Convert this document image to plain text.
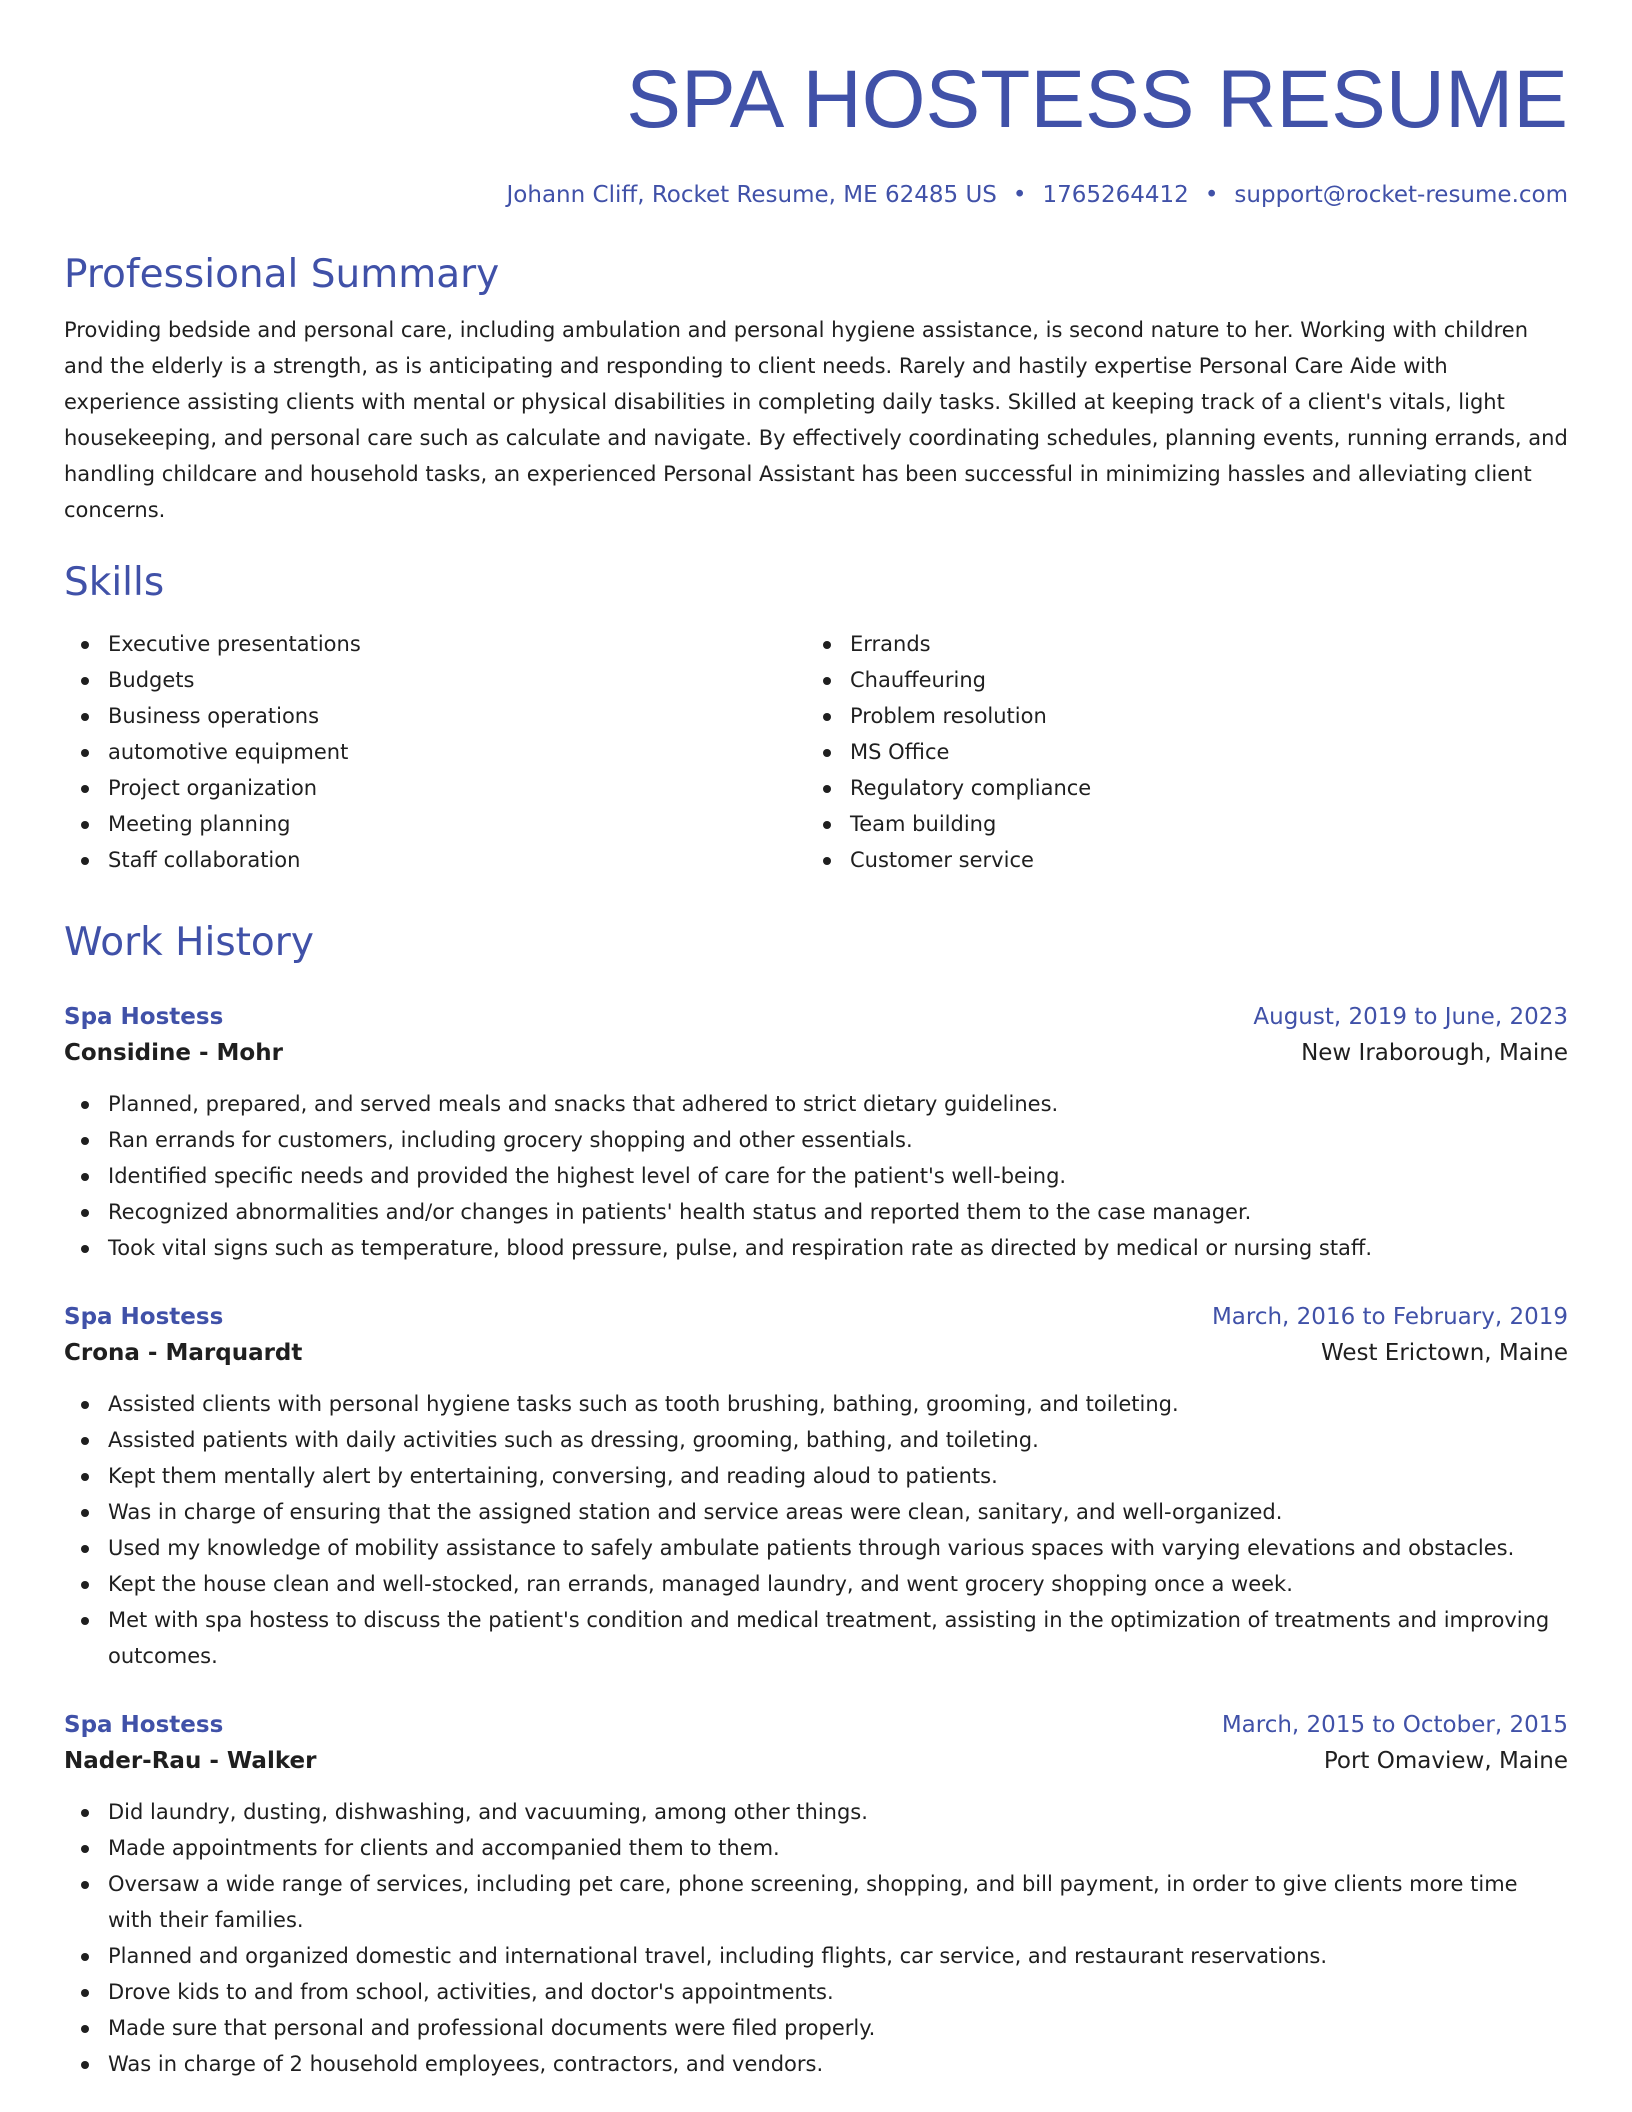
SPA HOSTESS RESUME
Johann Cliff, Rocket Resume, ME 62485 US • 1765264412 • support@rocket-resume.com
Professional Summary
Providing bedside and personal care, including ambulation and personal hygiene assistance, is second nature to her. Working with children and the elderly is a strength, as is anticipating and responding to client needs. Rarely and hastily expertise Personal Care Aide with experience assisting clients with mental or physical disabilities in completing daily tasks. Skilled at keeping track of a client's vitals, light housekeeping, and personal care such as calculate and navigate. By effectively coordinating schedules, planning events, running errands, and handling childcare and household tasks, an experienced Personal Assistant has been successful in minimizing hassles and alleviating client concerns.
Skills
Executive presentations
Budgets
Business operations
automotive equipment
Project organization
Meeting planning
Staff collaboration
Errands
Chauffeuring
Problem resolution
MS Office
Regulatory compliance
Team building
Customer service
Work History
Spa Hostess	August, 2019 to June, 2023
Considine - Mohr	New Iraborough, Maine
Planned, prepared, and served meals and snacks that adhered to strict dietary guidelines.
Ran errands for customers, including grocery shopping and other essentials.
Identified specific needs and provided the highest level of care for the patient's well-being.
Recognized abnormalities and/or changes in patients' health status and reported them to the case manager.
Took vital signs such as temperature, blood pressure, pulse, and respiration rate as directed by medical or nursing staff.
Spa Hostess	March, 2016 to February, 2019
Crona - Marquardt	West Erictown, Maine
Assisted clients with personal hygiene tasks such as tooth brushing, bathing, grooming, and toileting.
Assisted patients with daily activities such as dressing, grooming, bathing, and toileting.
Kept them mentally alert by entertaining, conversing, and reading aloud to patients.
Was in charge of ensuring that the assigned station and service areas were clean, sanitary, and well-organized.
Used my knowledge of mobility assistance to safely ambulate patients through various spaces with varying elevations and obstacles.
Kept the house clean and well-stocked, ran errands, managed laundry, and went grocery shopping once a week.
Met with spa hostess to discuss the patient's condition and medical treatment, assisting in the optimization of treatments and improving outcomes.
Spa Hostess	March, 2015 to October, 2015
Nader-Rau - Walker	Port Omaview, Maine
Did laundry, dusting, dishwashing, and vacuuming, among other things.
Made appointments for clients and accompanied them to them.
Oversaw a wide range of services, including pet care, phone screening, shopping, and bill payment, in order to give clients more time with their families.
Planned and organized domestic and international travel, including flights, car service, and restaurant reservations.
Drove kids to and from school, activities, and doctor's appointments.
Made sure that personal and professional documents were filed properly.
Was in charge of 2 household employees, contractors, and vendors.
